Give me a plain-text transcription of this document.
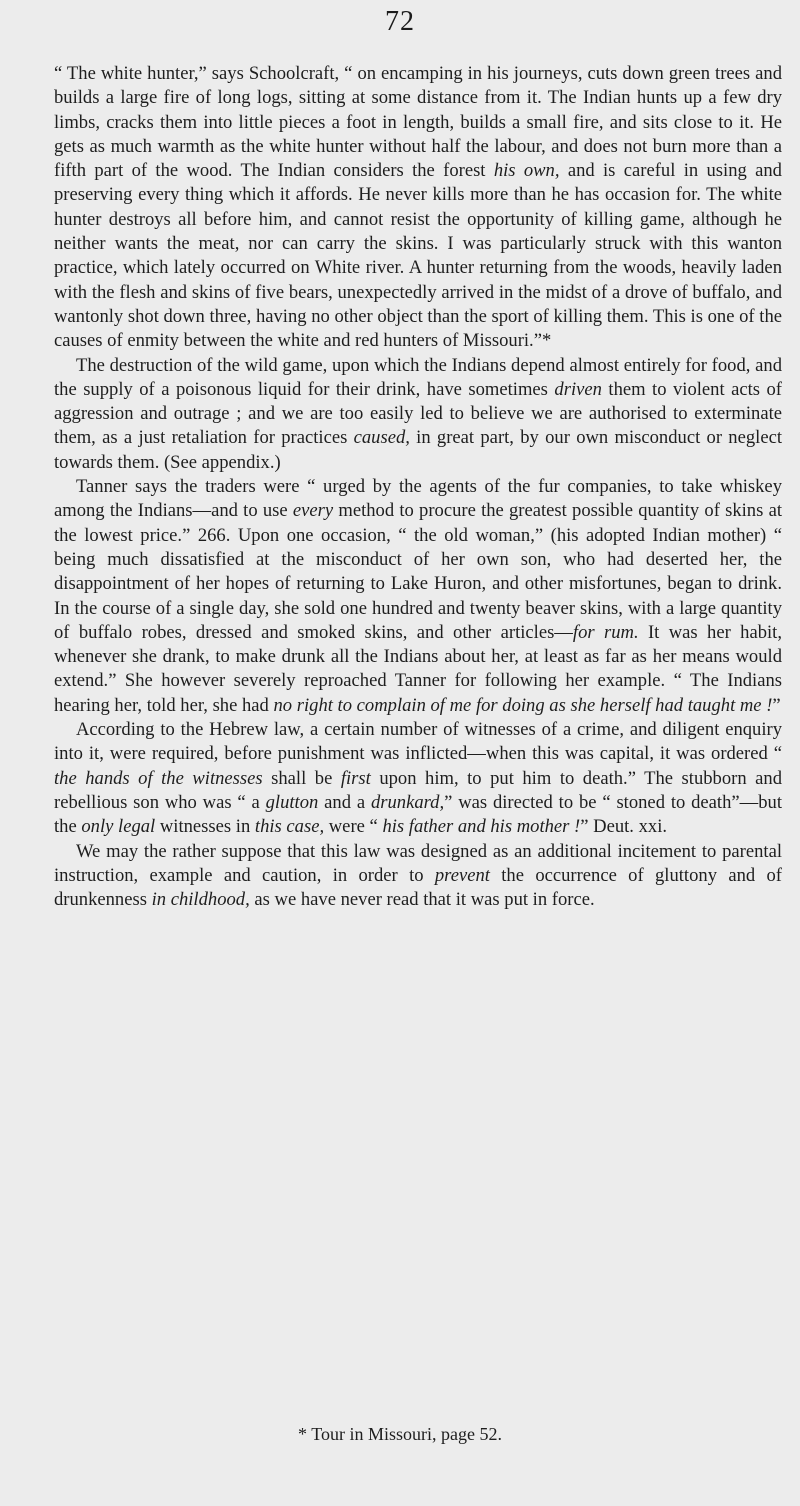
72

“ The white hunter,” says Schoolcraft, “ on encamping in his journeys, cuts down green trees and builds a large fire of long logs, sitting at some distance from it. The Indian hunts up a few dry limbs, cracks them into little pieces a foot in length, builds a small fire, and sits close to it. He gets as much warmth as the white hunter without half the labour, and does not burn more than a fifth part of the wood. The Indian considers the forest his own, and is careful in using and preserving every thing which it affords. He never kills more than he has occasion for. The white hunter destroys all before him, and cannot resist the opportunity of killing game, although he neither wants the meat, nor can carry the skins. I was particularly struck with this wanton practice, which lately occurred on White river. A hunter returning from the woods, heavily laden with the flesh and skins of five bears, unexpectedly arrived in the midst of a drove of buffalo, and wantonly shot down three, having no other object than the sport of killing them. This is one of the causes of enmity between the white and red hunters of Missouri.”*

The destruction of the wild game, upon which the Indians depend almost entirely for food, and the supply of a poisonous liquid for their drink, have sometimes driven them to violent acts of aggression and outrage ; and we are too easily led to believe we are authorised to exterminate them, as a just retaliation for practices caused, in great part, by our own misconduct or neglect towards them. (See appendix.)

Tanner says the traders were “ urged by the agents of the fur companies, to take whiskey among the Indians—and to use every method to procure the greatest possible quantity of skins at the lowest price.” 266. Upon one occasion, “ the old woman,” (his adopted Indian mother) “ being much dissatisfied at the misconduct of her own son, who had deserted her, the disappointment of her hopes of returning to Lake Huron, and other misfortunes, began to drink. In the course of a single day, she sold one hundred and twenty beaver skins, with a large quantity of buffalo robes, dressed and smoked skins, and other articles—for rum. It was her habit, whenever she drank, to make drunk all the Indians about her, at least as far as her means would extend.” She however severely reproached Tanner for following her example. “ The Indians hearing her, told her, she had no right to complain of me for doing as she herself had taught me !”

According to the Hebrew law, a certain number of witnesses of a crime, and diligent enquiry into it, were required, before punishment was inflicted—when this was capital, it was ordered “ the hands of the witnesses shall be first upon him, to put him to death.” The stubborn and rebellious son who was “ a glutton and a drunkard,” was directed to be “ stoned to death”—but the only legal witnesses in this case, were “ his father and his mother !” Deut. xxi.

We may the rather suppose that this law was designed as an additional incitement to parental instruction, example and caution, in order to prevent the occurrence of gluttony and of drunkenness in childhood, as we have never read that it was put in force.

* Tour in Missouri, page 52.
